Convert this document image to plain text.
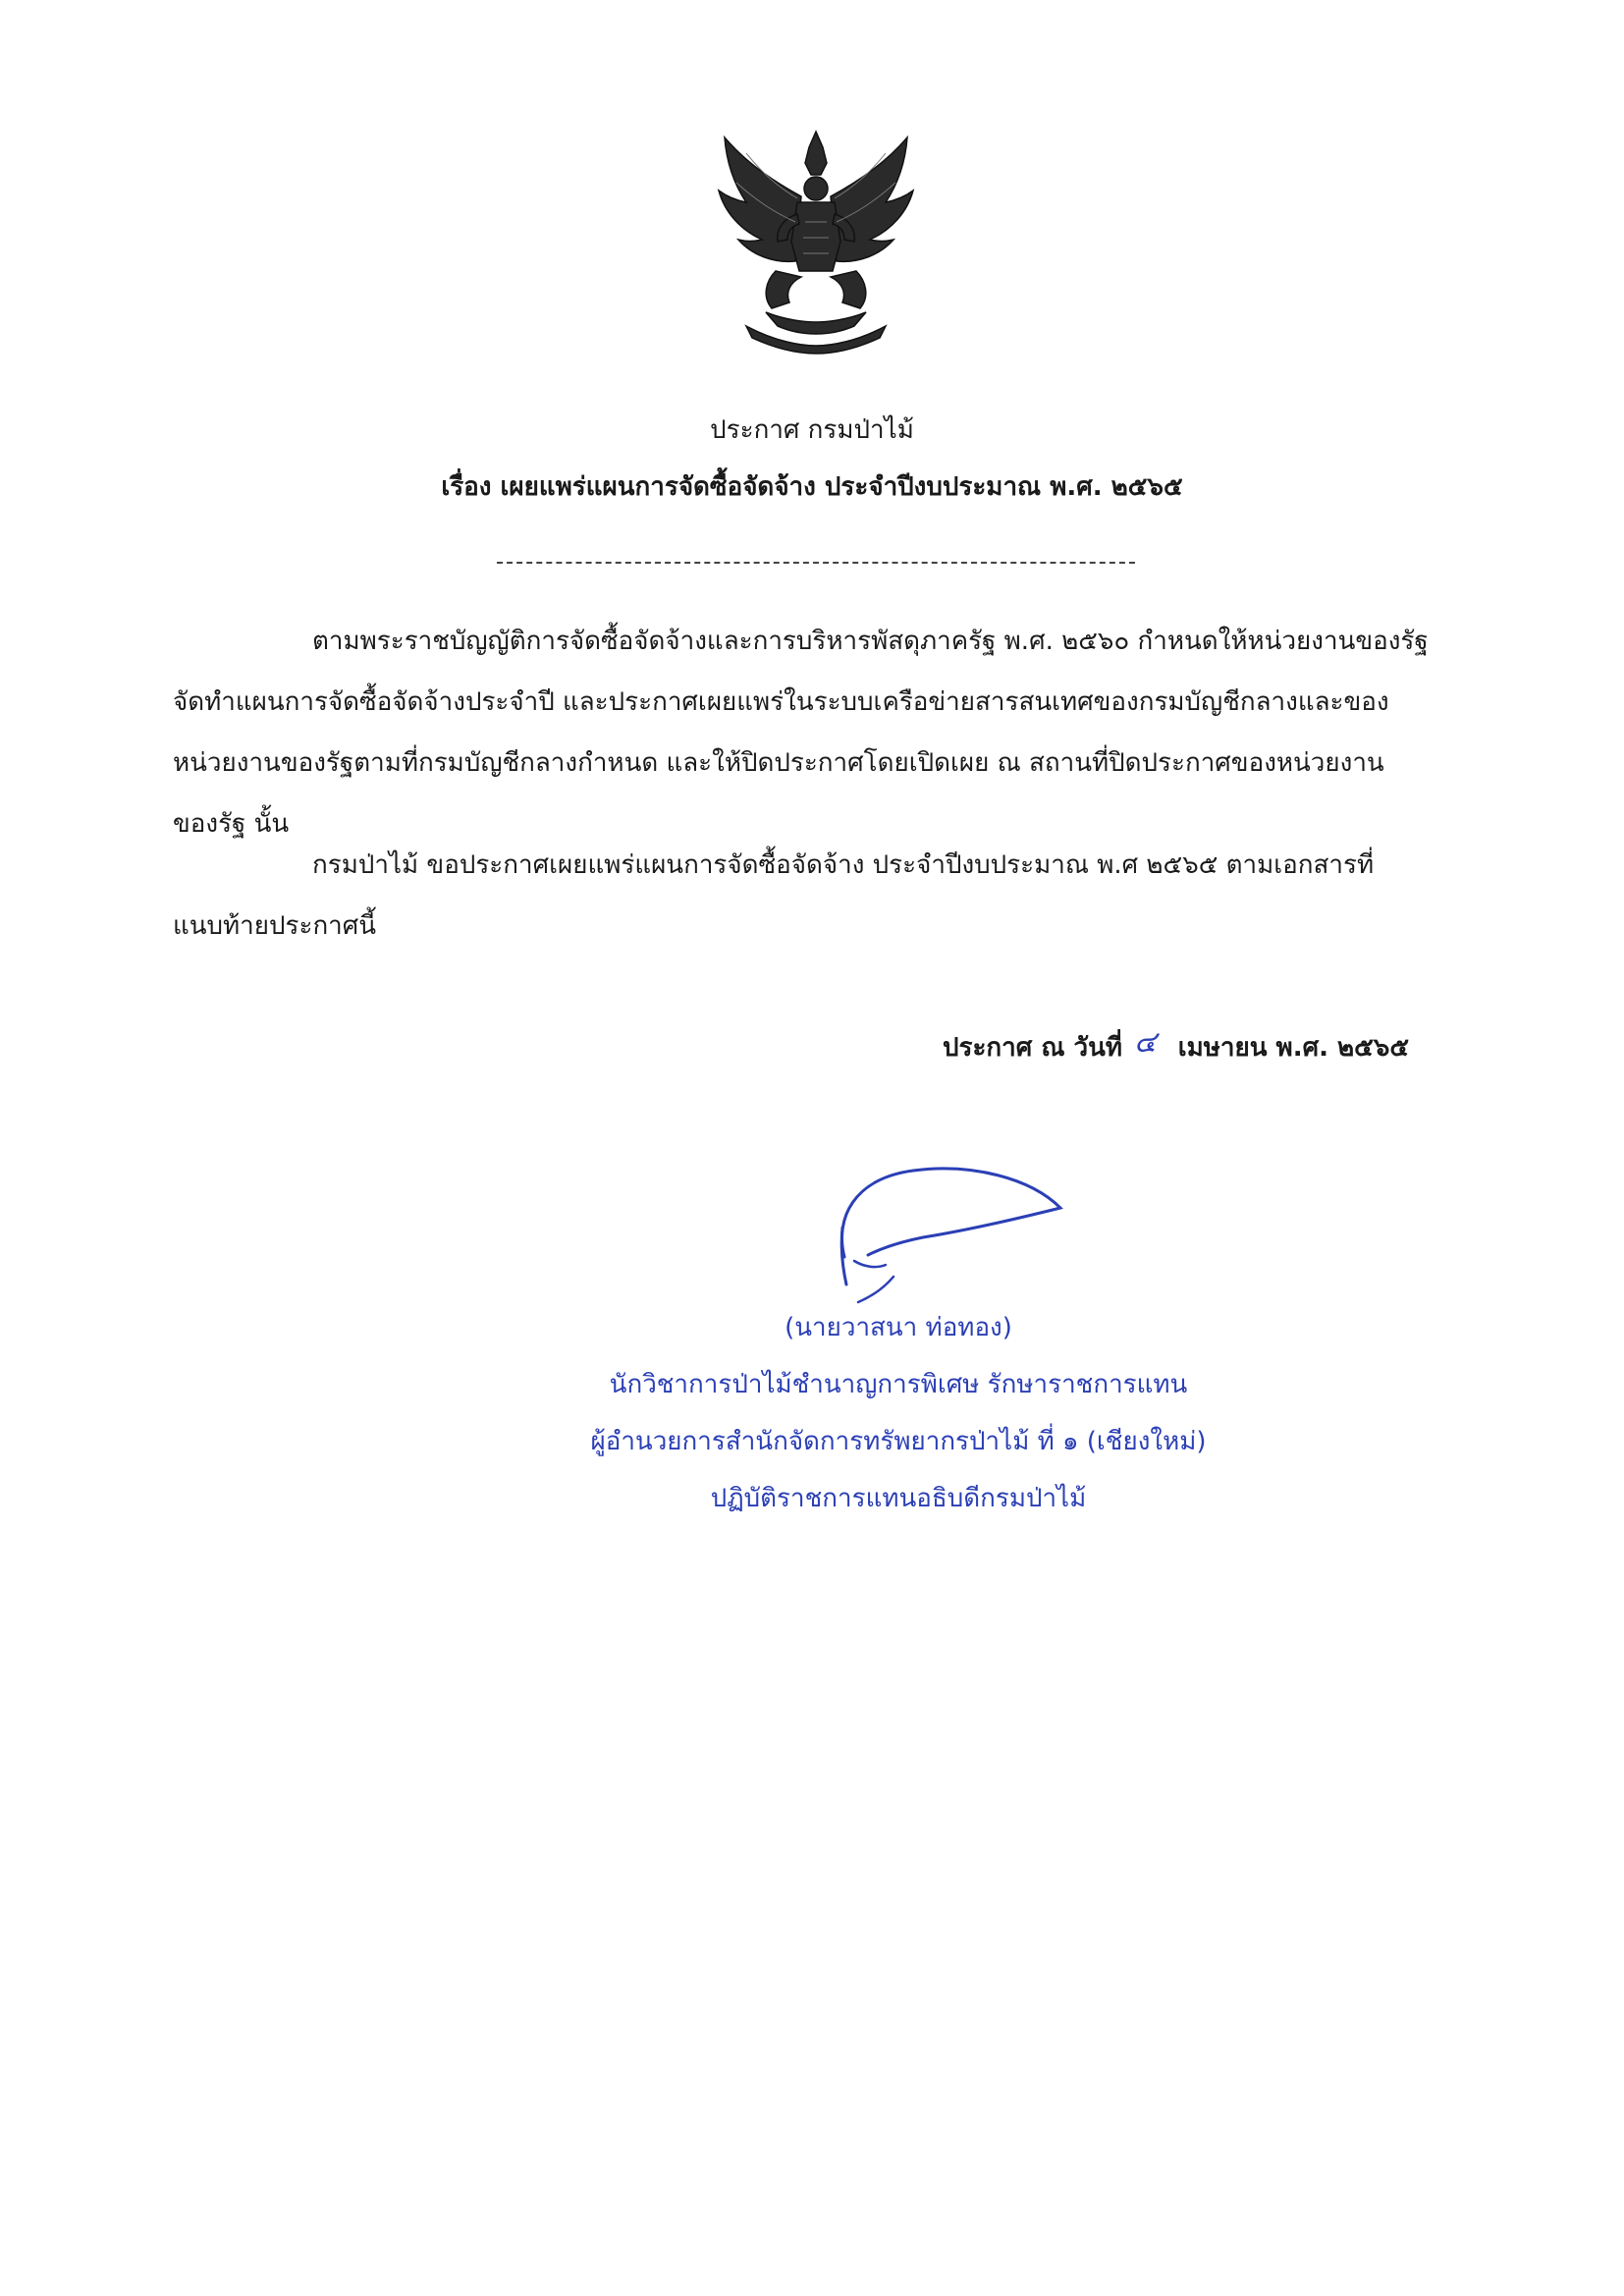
ประกาศ กรมป่าไม้
เรื่อง เผยแพร่แผนการจัดซื้อจัดจ้าง ประจำปีงบประมาณ พ.ศ. ๒๕๖๕
ตามพระราชบัญญัติการจัดซื้อจัดจ้างและการบริหารพัสดุภาครัฐ พ.ศ. ๒๕๖๐ กำหนดให้หน่วยงานของรัฐ
จัดทำแผนการจัดซื้อจัดจ้างประจำปี และประกาศเผยแพร่ในระบบเครือข่ายสารสนเทศของกรมบัญชีกลางและของ
หน่วยงานของรัฐตามที่กรมบัญชีกลางกำหนด และให้ปิดประกาศโดยเปิดเผย ณ สถานที่ปิดประกาศของหน่วยงาน
ของรัฐ นั้น
กรมป่าไม้ ขอประกาศเผยแพร่แผนการจัดซื้อจัดจ้าง ประจำปีงบประมาณ พ.ศ ๒๕๖๕ ตามเอกสารที่
แนบท้ายประกาศนี้
ประกาศ ณ วันที่ ๔ เมษายน พ.ศ. ๒๕๖๕
(นายวาสนา ท่อทอง)
นักวิชาการป่าไม้ชำนาญการพิเศษ รักษาราชการแทน
ผู้อำนวยการสำนักจัดการทรัพยากรป่าไม้ ที่ ๑ (เชียงใหม่)
ปฏิบัติราชการแทนอธิบดีกรมป่าไม้
